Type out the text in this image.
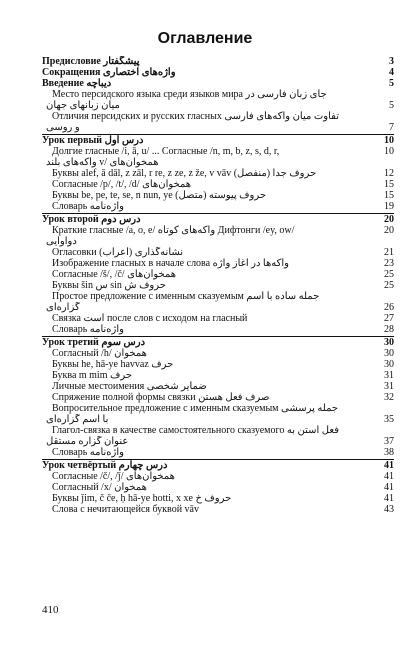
Оглавление
Предисловие پیشگفتار	3
Сокращения واژه‌های اختصاری	4
Введение دیباچه	5
Место персидского языка среди языков мира جای زبان فارسی در
میان زبانهای جهان	5
Отличия персидских и русских гласных تفاوت میان واکه‌های فارسی
و روسی	7
Урок первый درس اول	10
Долгие гласные /i, ā, u/ ... Согласные /n, m, b, z, s, d, r,	10
واکه‌های بلند v/ همخوان‌های
Буквы alef, ā dāl, z zāl, r re, z ze, z že, v vāv حروف جدا (منفصل)	12
Согласные /p/, /t/, /d/ همخوان‌های	15
Буквы be, pe, te, se, n nun, ye حروف پیوسته (متصل)	15
Словарь واژه‌نامه	19
Урок второй درس دوم	20
Краткие гласные /a, o, e/ واکه‌های کوتاه Дифтонги /ey, ow/	20
دوآوایی
Огласовки نشانه‌گذاری (اعراب)	21
Изображение гласных в начале слова واکه‌ها در آغاز واژه	23
Согласные /š/, /č/ همخوان‌های	25
Буквы šin س sin حروف ش	25
Простое предложение с именным сказуемым جمله ساده با اسم
گزاره‌ای	26
Связка است после слов с исходом на гласный	27
Словарь واژه‌نامه	28
Урок третий درس سوم	30
Согласный /h/ همخوان	30
Буквы he, hā-ye havvaz حرف	30
Буква m mim حرف	31
Личные местоимения ضمایر شخصی	31
Спряжение полной формы связки صرف فعل هستن	32
Вопросительное предложение с именным сказуемым جمله پرسشی
با اسم گزاره‌ای	35
Глагол-связка в качестве самостоятельного сказуемого فعل استن به
عنوان گزاره مستقل	37
Словарь واژه‌نامه	38
Урок четвёртый درس چهارم	41
Согласные /č/, /ǰ/ همخوان‌های	41
Согласный /x/ همخوان	41
Буквы ǰim, č če, ḥ hā-ye hotti, x xe حروف خ	41
Слова с нечитающейся буквой vāv	43
410
